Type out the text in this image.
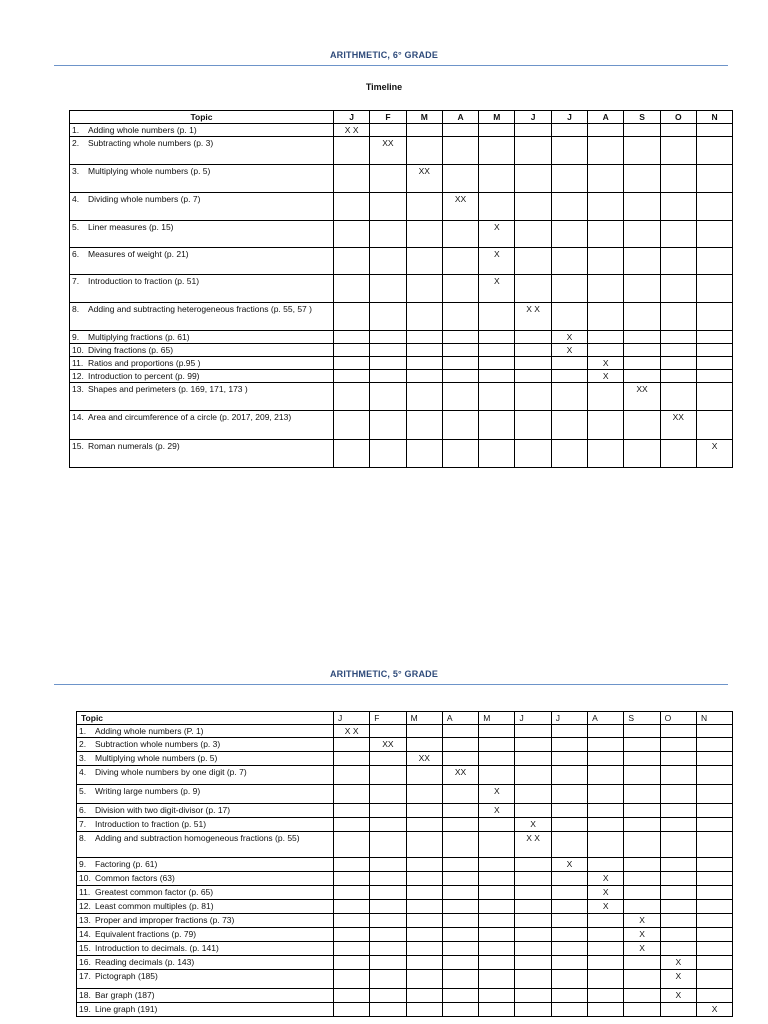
ARITHMETIC, 6° GRADE
Timeline
Topic	J	F	M	A	M	J	J	A	S	O	N
1. Adding whole numbers (p. 1)	X X										
2. Subtracting whole numbers (p. 3)		XX									
3. Multiplying whole numbers (p. 5)			XX								
4. Dividing whole numbers (p. 7)				XX							
5. Liner measures (p. 15)					X						
6. Measures of weight (p. 21)					X						
7. Introduction to fraction (p. 51)					X						
8. Adding and subtracting heterogeneous fractions (p. 55, 57 )						X X					
9. Multiplying fractions (p. 61)							X				
10. Diving fractions (p. 65)							X				
11. Ratios and proportions (p.95 )								X			
12. Introduction to percent (p. 99)								X			
13. Shapes and perimeters (p. 169, 171, 173 )									XX		
14. Area and circumference of a circle (p. 2017, 209, 213)										XX	
15. Roman numerals (p. 29)											X
ARITHMETIC, 5° GRADE
Topic	J	F	M	A	M	J	J	A	S	O	N
1. Adding whole numbers (P. 1)	X X										
2. Subtraction whole numbers (p. 3)		XX									
3. Multiplying whole numbers (p. 5)			XX								
4. Diving whole numbers by one digit (p. 7)				XX							
5. Writing large numbers (p. 9)					X						
6. Division with two digit-divisor (p. 17)					X						
7. Introduction to fraction (p. 51)						X					
8. Adding and subtraction homogeneous fractions (p. 55)						X X					
9. Factoring (p. 61)							X				
10. Common factors (63)								X			
11. Greatest common factor (p. 65)								X			
12. Least common multiples (p. 81)								X			
13. Proper and improper fractions (p. 73)									X		
14. Equivalent fractions (p. 79)									X		
15. Introduction to decimals. (p. 141)									X		
16. Reading decimals (p. 143)										X	
17. Pictograph (185)										X	
18. Bar graph (187)										X	
19. Line graph (191)											X
